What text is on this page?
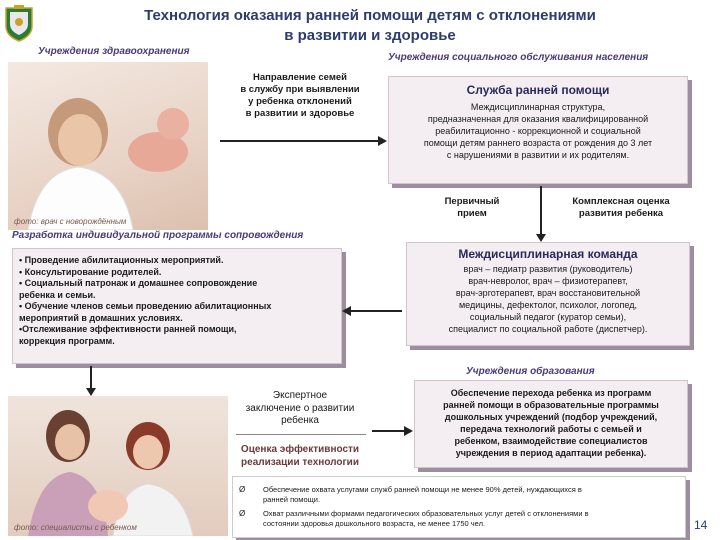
Технология оказания ранней помощи детям с отклонениями
в развитии и здоровье
Учреждения здравоохранения
Учреждения социального обслуживания населения
фото: врач с новорождённым
Направление семей
в службу при выявлении
у ребенка отклонений
в развитии и здоровье
Служба ранней помощи
Междисциплинарная структура,
предназначенная для оказания квалифицированной
реабилитационно - коррекционной и социальной
помощи детям раннего возраста от рождения до 3 лет
с нарушениями в развитии и их родителям.
Первичный
прием
Комплексная оценка
развития ребенка
Разработка индивидуальной программы сопровождения
• Проведение абилитационных мероприятий.
• Консультирование родителей.
• Социальный патронаж и домашнее сопровождение
ребенка и семьи.
• Обучение членов семьи проведению абилитационных
мероприятий в домашних условиях.
•Отслеживание эффективности ранней помощи,
коррекция программ.
Междисциплинарная команда
врач – педиатр развития (руководитель)
врач-невролог, врач – физиотерапевт,
врач-эрготерапевт, врач восстановительной
медицины, дефектолог, психолог, логопед,
социальный педагог (куратор семьи),
специалист по социальной работе (диспетчер).
Учреждения образования
фото: специалисты с ребенком
Экспертное
заключение о развитии
ребенка
Оценка эффективности
реализации технологии
Обеспечение перехода ребенка из программ
ранней помощи в образовательные программы
дошкольных учреждений (подбор учреждений,
передача технологий работы с семьей и
ребенком, взаимодействие сопециалистов
учреждения в период адаптации ребенка).
Ø Обеспечение охвата услугами служб ранней помощи не менее 90% детей, нуждающихся в
ранней помощи.
Ø Охват различными формами педагогических образовательных услуг детей с отклонениями в
состоянии здоровья дошкольного возраста, не менее 1750 чел.	14
